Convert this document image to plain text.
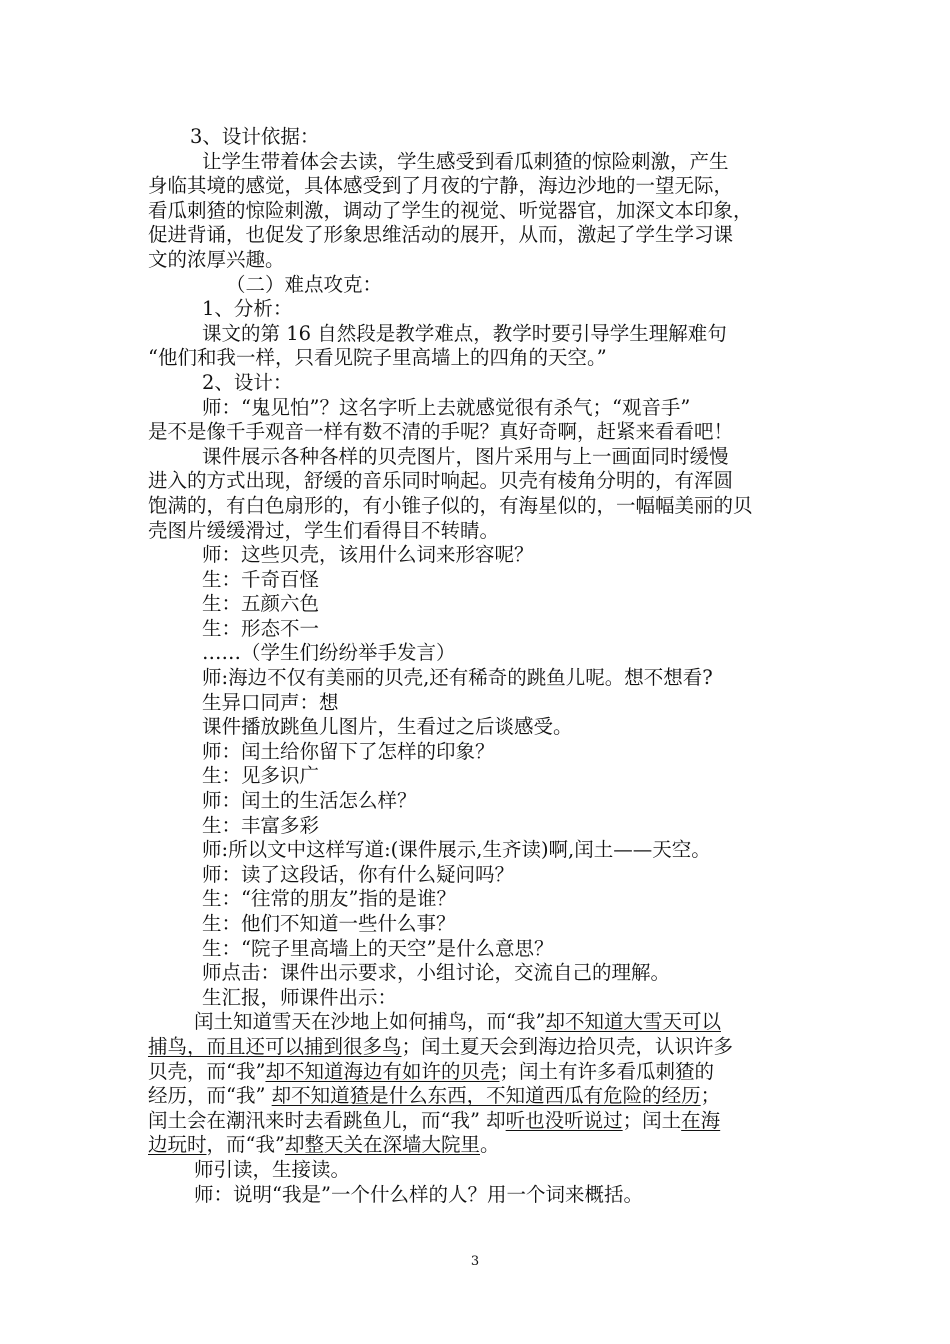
3、设计依据：
让学生带着体会去读，学生感受到看瓜刺猹的惊险刺激，产生
身临其境的感觉，具体感受到了月夜的宁静，海边沙地的一望无际，
看瓜刺猹的惊险刺激，调动了学生的视觉、听觉器官，加深文本印象，
促进背诵，也促发了形象思维活动的展开，从而，激起了学生学习课
文的浓厚兴趣。
（二）难点攻克：
1、分析：
课文的第 16 自然段是教学难点，教学时要引导学生理解难句
“他们和我一样，只看见院子里高墙上的四角的天空。”
2、设计：
师：“鬼见怕”？这名字听上去就感觉很有杀气；“观音手”
是不是像千手观音一样有数不清的手呢？真好奇啊，赶紧来看看吧！
课件展示各种各样的贝壳图片，图片采用与上一画面同时缓慢
进入的方式出现，舒缓的音乐同时响起。贝壳有棱角分明的，有浑圆
饱满的，有白色扇形的，有小锥子似的，有海星似的，一幅幅美丽的贝
壳图片缓缓滑过，学生们看得目不转睛。
师：这些贝壳，该用什么词来形容呢？
生：千奇百怪
生：五颜六色
生：形态不一
……（学生们纷纷举手发言）
师:海边不仅有美丽的贝壳,还有稀奇的跳鱼儿呢。想不想看?
生异口同声：想
课件播放跳鱼儿图片，生看过之后谈感受。
师：闰土给你留下了怎样的印象？
生：见多识广
师：闰土的生活怎么样？
生：丰富多彩
师:所以文中这样写道:(课件展示,生齐读)啊,闰土——天空。
师：读了这段话，你有什么疑问吗？
生：“往常的朋友”指的是谁？
生：他们不知道一些什么事？
生：“院子里高墙上的天空”是什么意思？
师点击：课件出示要求，小组讨论，交流自己的理解。
生汇报，师课件出示：
闰土知道雪天在沙地上如何捕鸟，而“我”却不知道大雪天可以
捕鸟，而且还可以捕到很多鸟；闰土夏天会到海边拾贝壳，认识许多
贝壳，而“我”却不知道海边有如许的贝壳；闰土有许多看瓜刺猹的
经历，而“我” 却不知道猹是什么东西，不知道西瓜有危险的经历；
闰土会在潮汛来时去看跳鱼儿，而“我” 却听也没听说过；闰土在海
边玩时，而“我”却整天关在深墙大院里。
师引读，生接读。
师：说明“我是”一个什么样的人？用一个词来概括。
3
